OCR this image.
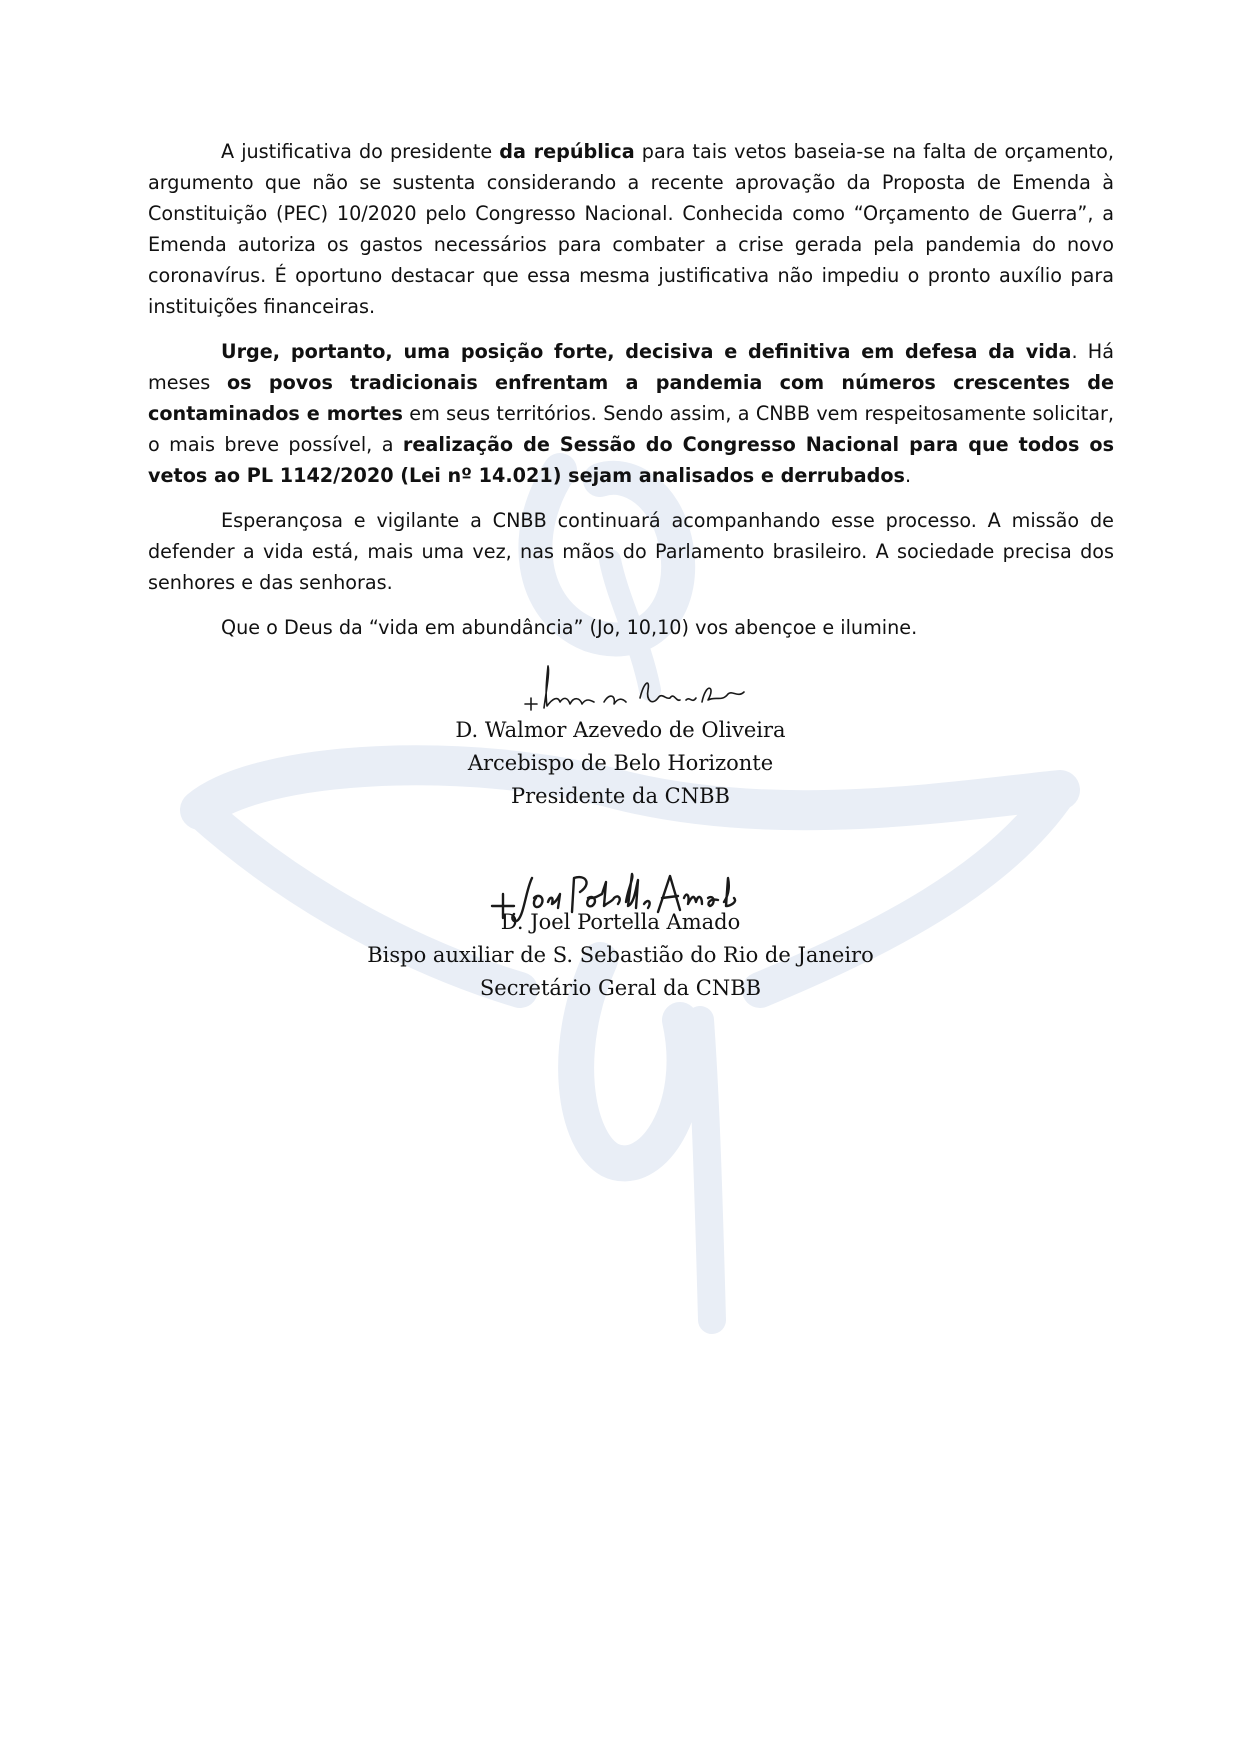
A justificativa do presidente da república para tais vetos baseia-se na falta de orçamento, argumento que não se sustenta considerando a recente aprovação da Proposta de Emenda à Constituição (PEC) 10/2020 pelo Congresso Nacional. Conhecida como “Orçamento de Guerra”, a Emenda autoriza os gastos necessários para combater a crise gerada pela pandemia do novo coronavírus. É oportuno destacar que essa mesma justificativa não impediu o pronto auxílio para instituições financeiras.

Urge, portanto, uma posição forte, decisiva e definitiva em defesa da vida. Há meses os povos tradicionais enfrentam a pandemia com números crescentes de contaminados e mortes em seus territórios. Sendo assim, a CNBB vem respeitosamente solicitar, o mais breve possível, a realização de Sessão do Congresso Nacional para que todos os vetos ao PL 1142/2020 (Lei nº 14.021) sejam analisados e derrubados.

Esperançosa e vigilante a CNBB continuará acompanhando esse processo. A missão de defender a vida está, mais uma vez, nas mãos do Parlamento brasileiro. A sociedade precisa dos senhores e das senhoras.

Que o Deus da “vida em abundância” (Jo, 10,10) vos abençoe e ilumine.

D. Walmor Azevedo de Oliveira
Arcebispo de Belo Horizonte
Presidente da CNBB
D. Joel Portella Amado
Bispo auxiliar de S. Sebastião do Rio de Janeiro
Secretário Geral da CNBB
